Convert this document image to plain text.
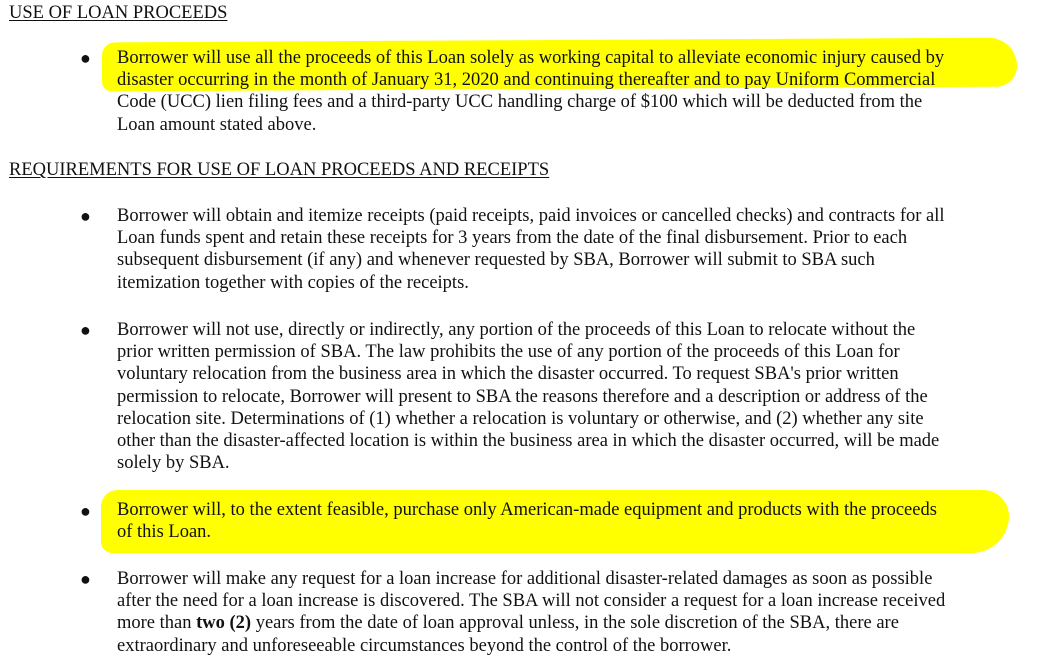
USE OF LOAN PROCEEDS
● Borrower will use all the proceeds of this Loan solely as working capital to alleviate economic injury caused by
disaster occurring in the month of January 31, 2020 and continuing thereafter and to pay Uniform Commercial
Code (UCC) lien filing fees and a third-party UCC handling charge of $100 which will be deducted from the
Loan amount stated above.
REQUIREMENTS FOR USE OF LOAN PROCEEDS AND RECEIPTS
● Borrower will obtain and itemize receipts (paid receipts, paid invoices or cancelled checks) and contracts for all
Loan funds spent and retain these receipts for 3 years from the date of the final disbursement. Prior to each
subsequent disbursement (if any) and whenever requested by SBA, Borrower will submit to SBA such
itemization together with copies of the receipts.
● Borrower will not use, directly or indirectly, any portion of the proceeds of this Loan to relocate without the
prior written permission of SBA. The law prohibits the use of any portion of the proceeds of this Loan for
voluntary relocation from the business area in which the disaster occurred. To request SBA's prior written
permission to relocate, Borrower will present to SBA the reasons therefore and a description or address of the
relocation site. Determinations of (1) whether a relocation is voluntary or otherwise, and (2) whether any site
other than the disaster-affected location is within the business area in which the disaster occurred, will be made
solely by SBA.
● Borrower will, to the extent feasible, purchase only American-made equipment and products with the proceeds
of this Loan.
● Borrower will make any request for a loan increase for additional disaster-related damages as soon as possible
after the need for a loan increase is discovered. The SBA will not consider a request for a loan increase received
more than two (2) years from the date of loan approval unless, in the sole discretion of the SBA, there are
extraordinary and unforeseeable circumstances beyond the control of the borrower.
